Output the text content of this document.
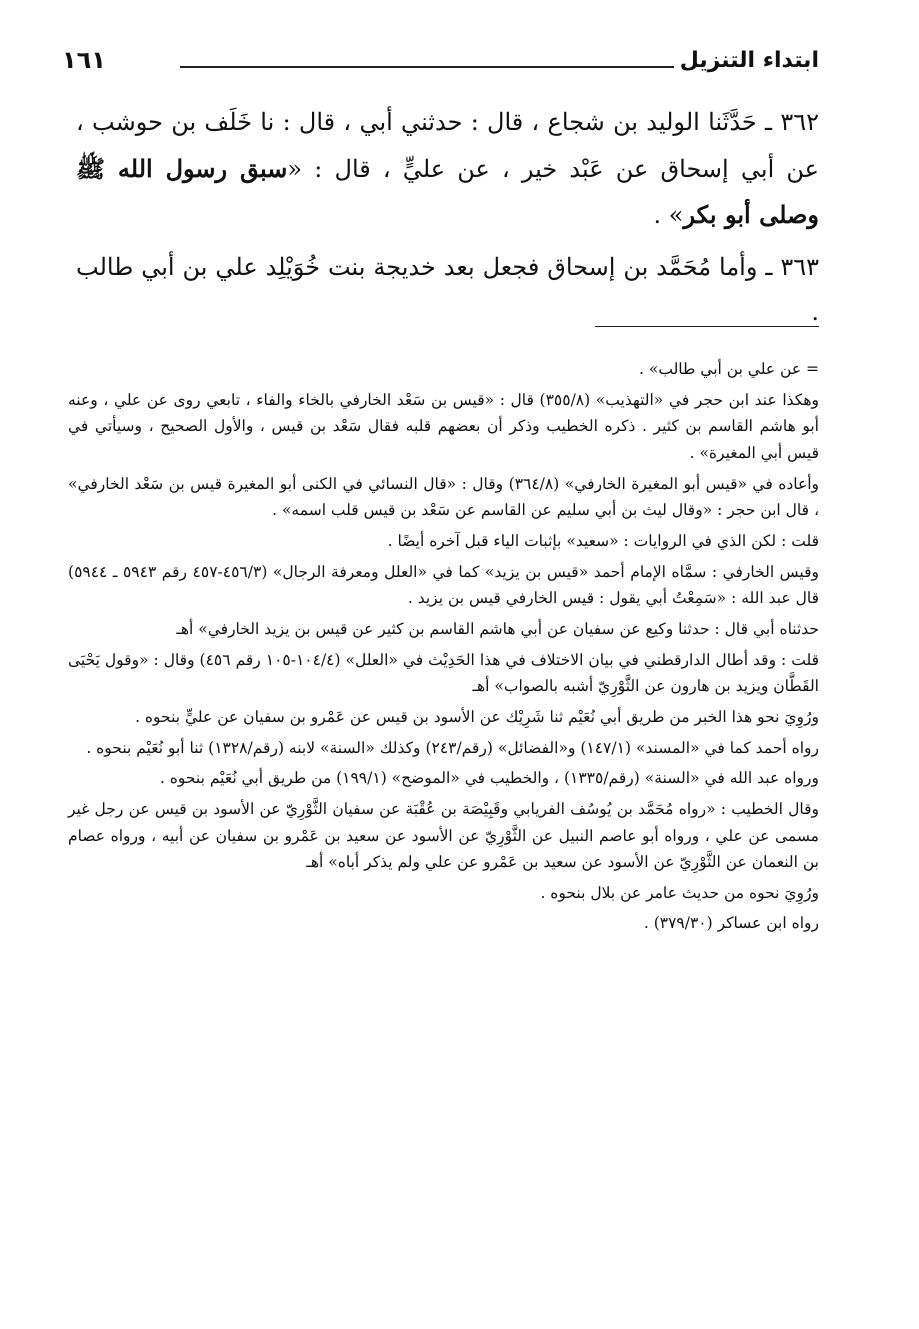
ابتداء التنزيل
١٦١

٣٦٢ ـ حَدَّثَنا الوليد بن شجاع ، قال : حدثني أبي ، قال : نا خَلَف بن حوشب ، عن أبي إسحاق عن عَبْد خير ، عن عليٍّ ، قال : «سبق رسول الله ﷺ وصلى أبو بكر» .

٣٦٣ ـ وأما مُحَمَّد بن إسحاق فجعل بعد خديجة بنت خُوَيْلِد علي بن أبي طالب .

= عن علي بن أبي طالب» .

وهكذا عند ابن حجر في «التهذيب» (٣٥٥/٨) قال : «قيس بن سَعْد الخارفي بالخاء والفاء ، تابعي روى عن علي ، وعنه أبو هاشم القاسم بن كثير . ذكره الخطيب وذكر أن بعضهم قلبه فقال سَعْد بن قيس ، والأول الصحيح ، وسيأتي في قيس أبي المغيرة» .

وأعاده في «قيس أبو المغيرة الخارفي» (٣٦٤/٨) وقال : «قال النسائي في الكنى أبو المغيرة قيس بن سَعْد الخارفي» ، قال ابن حجر : «وقال ليث بن أبي سليم عن القاسم عن سَعْد بن قيس قلب اسمه» .

قلت : لكن الذي في الروايات : «سعيد» بإثبات الياء قبل آخره أيضًا .

وقيس الخارفي : سمَّاه الإمام أحمد «قيس بن يزيد» كما في «العلل ومعرفة الرجال» (٤٥٦/٣-٤٥٧ رقم ٥٩٤٣ ـ ٥٩٤٤) قال عبد الله : «سَمِعْتُ أبي يقول : قيس الخارفي قيس بن يزيد .

حدثناه أبي قال : حدثنا وكيع عن سفيان عن أبي هاشم القاسم بن كثير عن قيس بن يزيد الخارفي» أهـ

قلت : وقد أطال الدارقطني في بيان الاختلاف في هذا الحَدِيْث في «العلل» (١٠٤/٤-١٠٥ رقم ٤٥٦) وقال : «وقول يَحْيَى القَطَّان ويزيد بن هارون عن الثَّوْرِيّ أشبه بالصواب» أهـ

ورُوِيَ نحو هذا الخبر من طريق أبي نُعَيْم ثنا شَرِيْك عن الأسود بن قيس عن عَمْرو بن سفيان عن عليٍّ بنحوه .

رواه أحمد كما في «المسند» (١٤٧/١) و«الفضائل» (رقم/٢٤٣) وكذلك «السنة» لابنه (رقم/١٣٢٨) ثنا أبو نُعَيْم بنحوه .

ورواه عبد الله في «السنة» (رقم/١٣٣٥) ، والخطيب في «الموضح» (١٩٩/١) من طريق أبي نُعَيْم بنحوه .

وقال الخطيب : «رواه مُحَمَّد بن يُوسُف الفريابي وقَبِيْصَة بن عُقْبَة عن سفيان الثَّوْرِيّ عن الأسود بن قيس عن رجل غير مسمى عن علي ، ورواه أبو عاصم النبيل عن الثَّوْرِيّ عن الأسود عن سعيد بن عَمْرو بن سفيان عن أبيه ، ورواه عصام بن النعمان عن الثَّوْرِيّ عن الأسود عن سعيد بن عَمْرو عن علي ولم يذكر أباه» أهـ

ورُوِيَ نحوه من حديث عامر عن بلال بنحوه .

رواه ابن عساكر (٣٧٩/٣٠) .
